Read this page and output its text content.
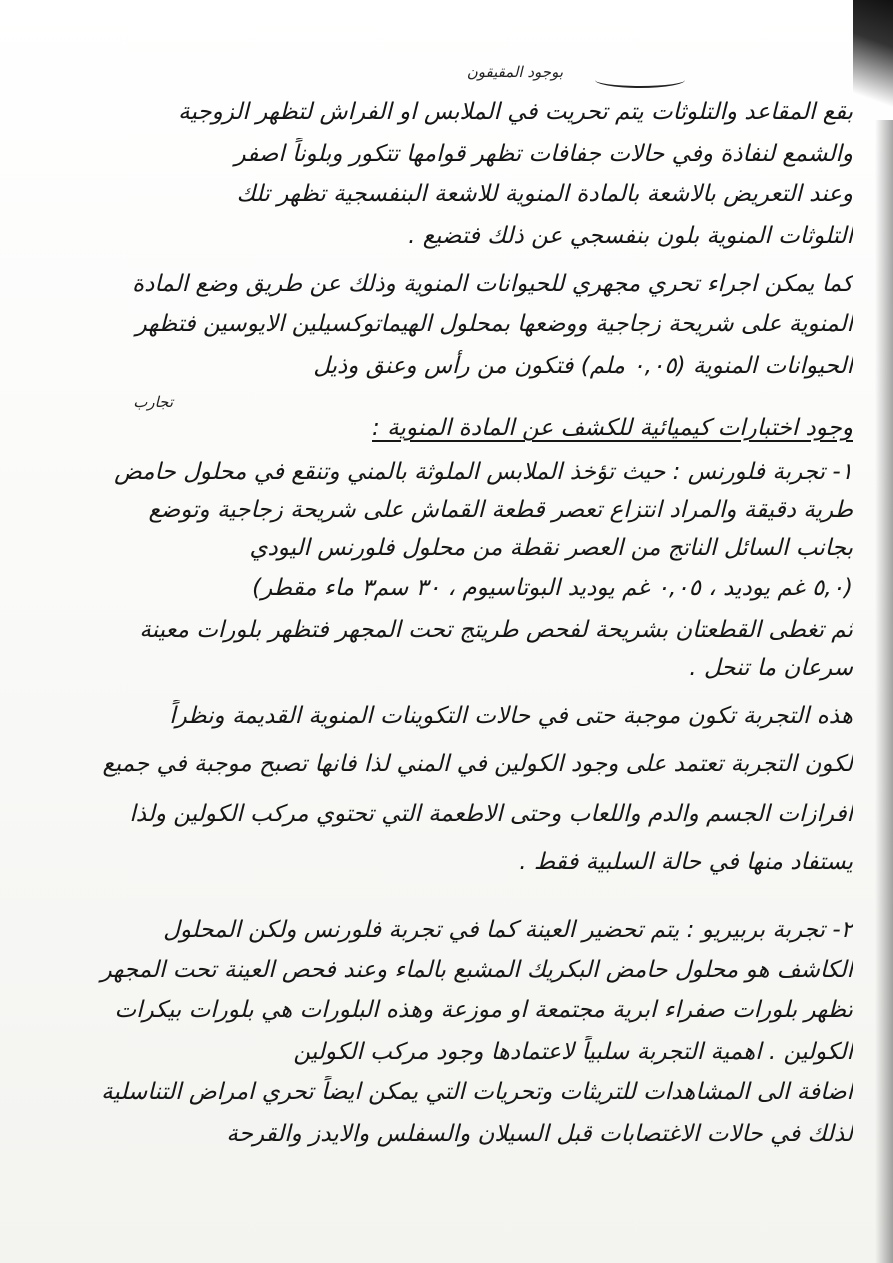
بوجود المقيقون
بقع المقاعد والتلوثات يتم تحريت في الملابس او الفراش لتظهر الزوجية
والشمع لنفاذة وفي حالات جفافات تظهر قوامها تتكور وبلوناً اصفر
وعند التعريض بالاشعة بالمادة المنوية للاشعة البنفسجية تظهر تلك
التلوثات المنوية بلون بنفسجي عن ذلك فتضيع .
كما يمكن اجراء تحري مجهري للحيوانات المنوية وذلك عن طريق وضع المادة
المنوية على شريحة زجاجية ووضعها بمحلول الهيماتوكسيلين الايوسين فتظهر
الحيوانات المنوية (٠,٠٥ ملم) فتكون من رأس وعنق وذيل
تجارب
وجود اختبارات كيميائية للكشف عن المادة المنوية :
١- تجربة فلورنس : حيث تؤخذ الملابس الملوثة بالمني وتنقع في محلول حامض
طرية دقيقة والمراد انتزاع تعصر قطعة القماش على شريحة زجاجية وتوضع
بجانب السائل الناتج من العصر نقطة من محلول فلورنس اليودي
(٥,٠ غم يوديد ، ٠,٠٥ غم يوديد البوتاسيوم ، ٣٠ سم٣ ماء مقطر)
ثم تغطى القطعتان بشريحة لفحص طريتج تحت المجهر فتظهر بلورات معينة
سرعان ما تنحل .
هذه التجربة تكون موجبة حتى في حالات التكوينات المنوية القديمة ونظراً
لكون التجربة تعتمد على وجود الكولين في المني لذا فانها تصبح موجبة في جميع
افرازات الجسم والدم واللعاب وحتى الاطعمة التي تحتوي مركب الكولين ولذا
يستفاد منها في حالة السلبية فقط .
٢- تجربة بربيريو : يتم تحضير العينة كما في تجربة فلورنس ولكن المحلول
الكاشف هو محلول حامض البكريك المشبع بالماء وعند فحص العينة تحت المجهر
تظهر بلورات صفراء ابرية مجتمعة او موزعة وهذه البلورات هي بلورات بيكرات
الكولين . اهمية التجربة سلبياً لاعتمادها وجود مركب الكولين
اضافة الى المشاهدات للتريثات وتحريات التي يمكن ايضاً تحري امراض التناسلية
لذلك في حالات الاغتصابات قبل السيلان والسفلس والايدز والقرحة
